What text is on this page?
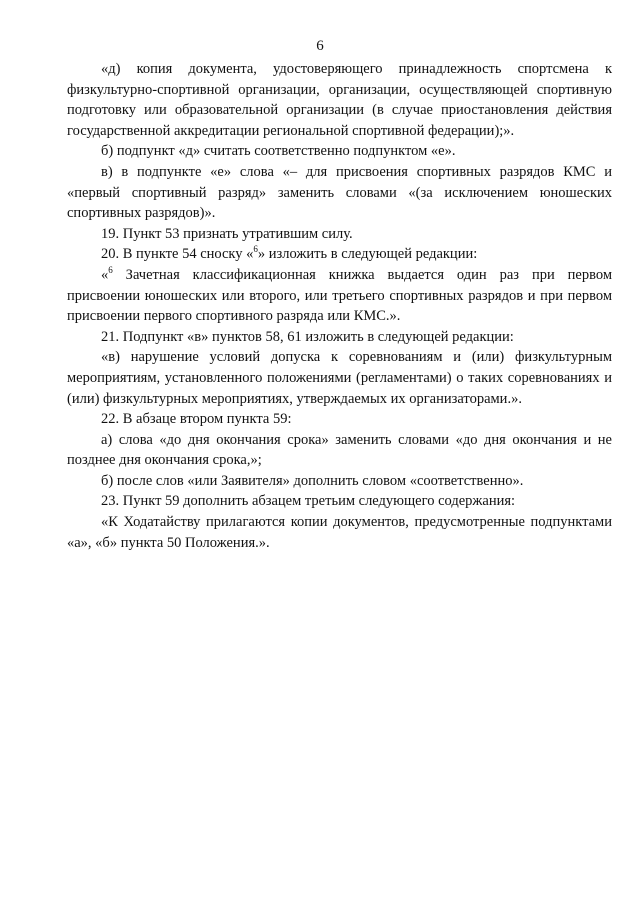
6

«д) копия документа, удостоверяющего принадлежность спортсмена к физкультурно-спортивной организации, организации, осуществляющей спортивную подготовку или образовательной организации (в случае приостановления действия государственной аккредитации региональной спортивной федерации);».

б) подпункт «д» считать соответственно подпунктом «е».

в) в подпункте «е» слова «– для присвоения спортивных разрядов КМС и «первый спортивный разряд» заменить словами «(за исключением юношеских спортивных разрядов)».

19. Пункт 53 признать утратившим силу.

20. В пункте 54 сноску «$^6$» изложить в следующей редакции:

«$^6$ Зачетная классификационная книжка выдается один раз при первом присвоении юношеских или второго, или третьего спортивных разрядов и при первом присвоении первого спортивного разряда или КМС.».

21. Подпункт «в» пунктов 58, 61 изложить в следующей редакции:

«в) нарушение условий допуска к соревнованиям и (или) физкультурным мероприятиям, установленного положениями (регламентами) о таких соревнованиях и (или) физкультурных мероприятиях, утверждаемых их организаторами.».

22. В абзаце втором пункта 59:

а) слова «до дня окончания срока» заменить словами «до дня окончания и не позднее дня окончания срока,»;

б) после слов «или Заявителя» дополнить словом «соответственно».

23. Пункт 59 дополнить абзацем третьим следующего содержания:

«К Ходатайству прилагаются копии документов, предусмотренные подпунктами «а», «б» пункта 50 Положения.».
